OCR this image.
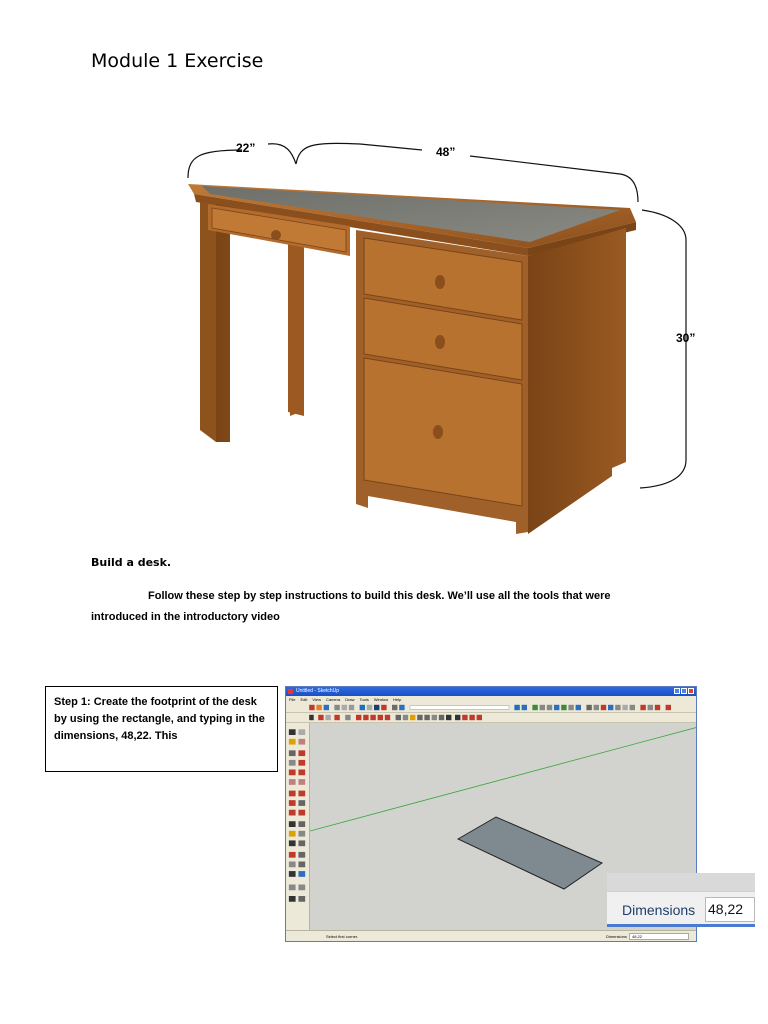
Module 1 Exercise
22”	48”
30”
Build a desk.
Follow these step by step instructions to build this desk. We’ll use all the tools that were introduced in the introductory video
Step 1: Create the footprint of the desk by using the rectangle, and typing in the dimensions, 48,22. This
Untitled - SketchUp
File Edit View Camera Draw Tools Window Help
Select first corner.	Dimensions	48,22
Dimensions 48,22
